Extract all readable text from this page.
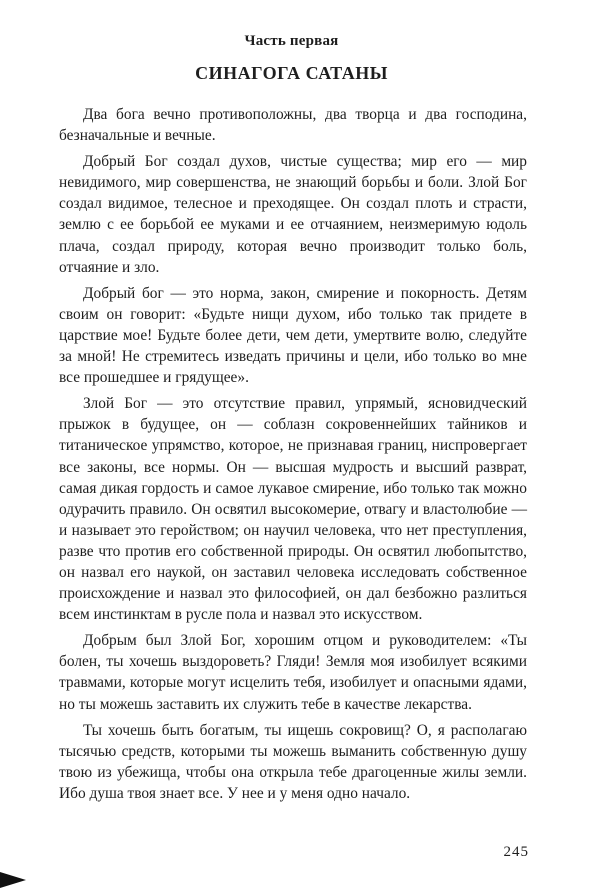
Часть первая
СИНАГОГА САТАНЫ

Два бога вечно противоположны, два творца и два господина, безначальные и вечные.

Добрый Бог создал духов, чистые существа; мир его — мир невидимого, мир совершенства, не знающий борьбы и боли. Злой Бог создал видимое, телесное и преходящее. Он создал плоть и страсти, землю с ее борьбой ее муками и ее отчаянием, неизмеримую юдоль плача, создал природу, которая вечно производит только боль, отчаяние и зло.

Добрый бог — это норма, закон, смирение и покорность. Детям своим он говорит: «Будьте нищи духом, ибо только так придете в царствие мое! Будьте более дети, чем дети, умертвите волю, следуйте за мной! Не стремитесь изведать причины и цели, ибо только во мне все прошедшее и грядущее».

Злой Бог — это отсутствие правил, упрямый, ясновидческий прыжок в будущее, он — соблазн сокровеннейших тайников и титаническое упрямство, которое, не признавая границ, ниспровергает все законы, все нормы. Он — высшая мудрость и высший разврат, самая дикая гордость и самое лукавое смирение, ибо только так можно одурачить правило. Он освятил высокомерие, отвагу и властолюбие — и называет это геройством; он научил человека, что нет преступления, разве что против его собственной природы. Он освятил любопытство, он назвал его наукой, он заставил человека исследовать собственное происхождение и назвал это философией, он дал безбожно разлиться всем инстинктам в русле пола и назвал это искусством.

Добрым был Злой Бог, хорошим отцом и руководителем: «Ты болен, ты хочешь выздороветь? Гляди! Земля моя изобилует всякими травмами, которые могут исцелить тебя, изобилует и опасными ядами, но ты можешь заставить их служить тебе в качестве лекарства.

Ты хочешь быть богатым, ты ищешь сокровищ? О, я располагаю тысячью средств, которыми ты можешь выманить собственную душу твою из убежища, чтобы она открыла тебе драгоценные жилы земли. Ибо душа твоя знает все. У нее и у меня одно начало.

245
